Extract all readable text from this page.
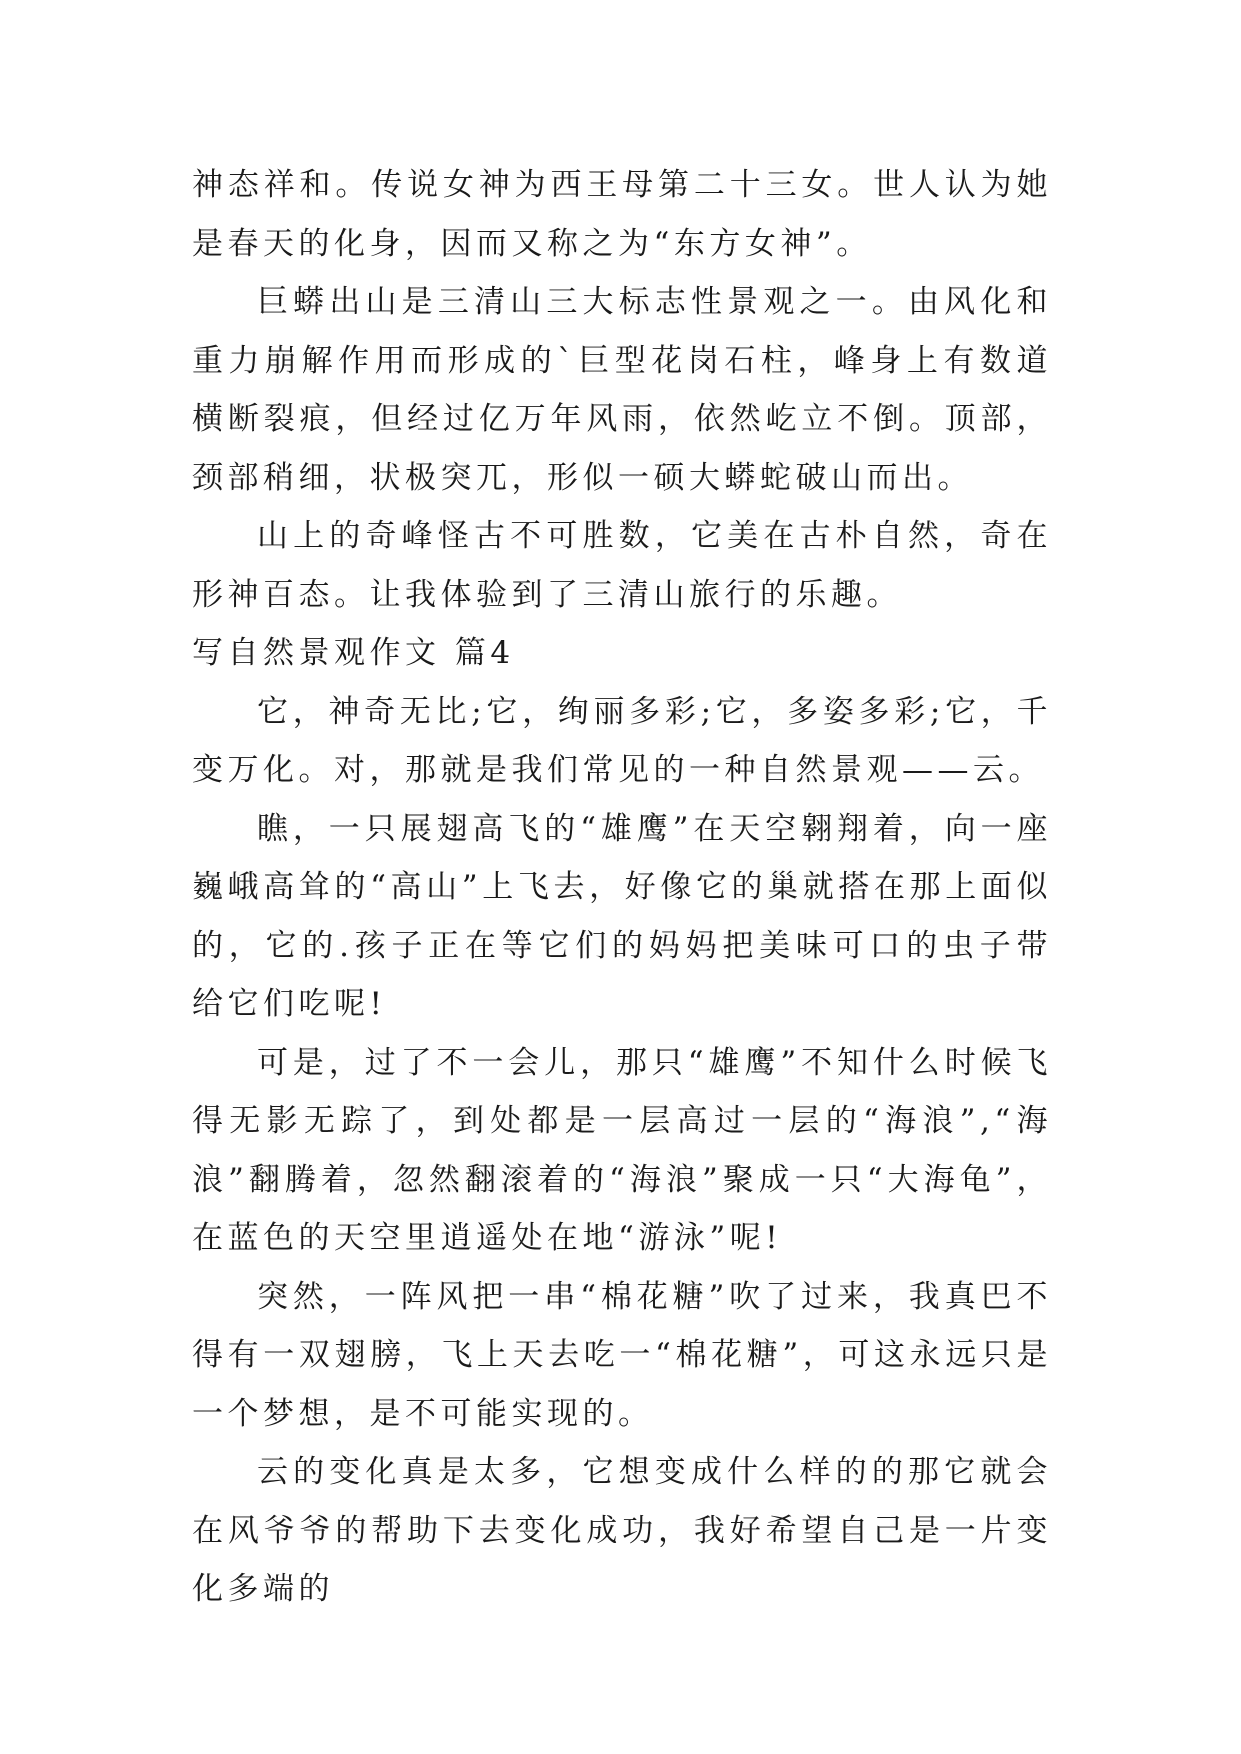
神态祥和。传说女神为西王母第二十三女。世人认为她是春天的化身，因而又称之为“东方女神”。

巨蟒出山是三清山三大标志性景观之一。由风化和重力崩解作用而形成的`巨型花岗石柱，峰身上有数道横断裂痕，但经过亿万年风雨，依然屹立不倒。顶部，颈部稍细，状极突兀，形似一硕大蟒蛇破山而出。

山上的奇峰怪古不可胜数，它美在古朴自然，奇在形神百态。让我体验到了三清山旅行的乐趣。

写自然景观作文 篇4

它，神奇无比;它，绚丽多彩;它，多姿多彩;它，千变万化。对，那就是我们常见的一种自然景观——云。

瞧，一只展翅高飞的“雄鹰”在天空翱翔着，向一座巍峨高耸的“高山”上飞去，好像它的巢就搭在那上面似的，它的.孩子正在等它们的妈妈把美味可口的虫子带给它们吃呢!

可是，过了不一会儿，那只“雄鹰”不知什么时候飞得无影无踪了，到处都是一层高过一层的“海浪”,“海浪”翻腾着，忽然翻滚着的“海浪”聚成一只“大海龟”，在蓝色的天空里逍遥处在地“游泳”呢!

突然，一阵风把一串“棉花糖”吹了过来，我真巴不得有一双翅膀，飞上天去吃一“棉花糖”，可这永远只是一个梦想，是不可能实现的。

云的变化真是太多，它想变成什么样的的那它就会在风爷爷的帮助下去变化成功，我好希望自己是一片变化多端的
